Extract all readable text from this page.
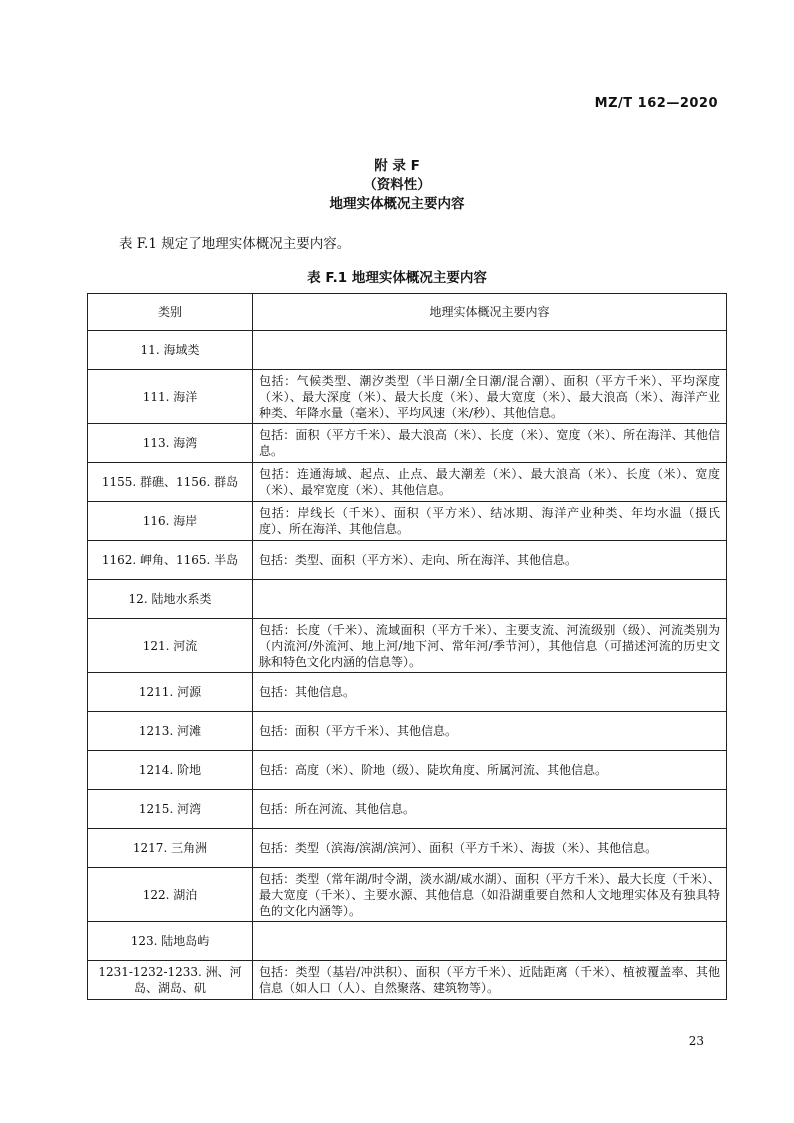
MZ/T 162—2020
附 录 F
（资料性）
地理实体概况主要内容
表 F.1 规定了地理实体概况主要内容。
表 F.1 地理实体概况主要内容
类别	地理实体概况主要内容
11. 海域类	
111. 海洋	包括：气候类型、潮汐类型（半日潮/全日潮/混合潮）、面积（平方千米）、平均深度（米）、最大深度（米）、最大长度（米）、最大宽度（米）、最大浪高（米）、海洋产业种类、年降水量（毫米）、平均风速（米/秒）、其他信息。
113. 海湾	包括：面积（平方千米）、最大浪高（米）、长度（米）、宽度（米）、所在海洋、其他信息。
1155. 群礁、1156. 群岛	包括：连通海域、起点、止点、最大潮差（米）、最大浪高（米）、长度（米）、宽度（米）、最窄宽度（米）、其他信息。
116. 海岸	包括：岸线长（千米）、面积（平方米）、结冰期、海洋产业种类、年均水温（摄氏度）、所在海洋、其他信息。
1162. 岬角、1165. 半岛	包括：类型、面积（平方米）、走向、所在海洋、其他信息。
12. 陆地水系类	
121. 河流	包括：长度（千米）、流域面积（平方千米）、主要支流、河流级别（级）、河流类别为（内流河/外流河、地上河/地下河、常年河/季节河），其他信息（可描述河流的历史文脉和特色文化内涵的信息等）。
1211. 河源	包括：其他信息。
1213. 河滩	包括：面积（平方千米）、其他信息。
1214. 阶地	包括：高度（米）、阶地（级）、陡坎角度、所属河流、其他信息。
1215. 河湾	包括：所在河流、其他信息。
1217. 三角洲	包括：类型（滨海/滨湖/滨河）、面积（平方千米）、海拔（米）、其他信息。
122. 湖泊	包括：类型（常年湖/时令湖，淡水湖/咸水湖）、面积（平方千米）、最大长度（千米）、最大宽度（千米）、主要水源、其他信息（如沿湖重要自然和人文地理实体及有独具特色的文化内涵等）。
123. 陆地岛屿	
1231-1232-1233. 洲、河岛、湖岛、矶	包括：类型（基岩/冲洪积）、面积（平方千米）、近陆距离（千米）、植被覆盖率、其他信息（如人口（人）、自然聚落、建筑物等）。
23
